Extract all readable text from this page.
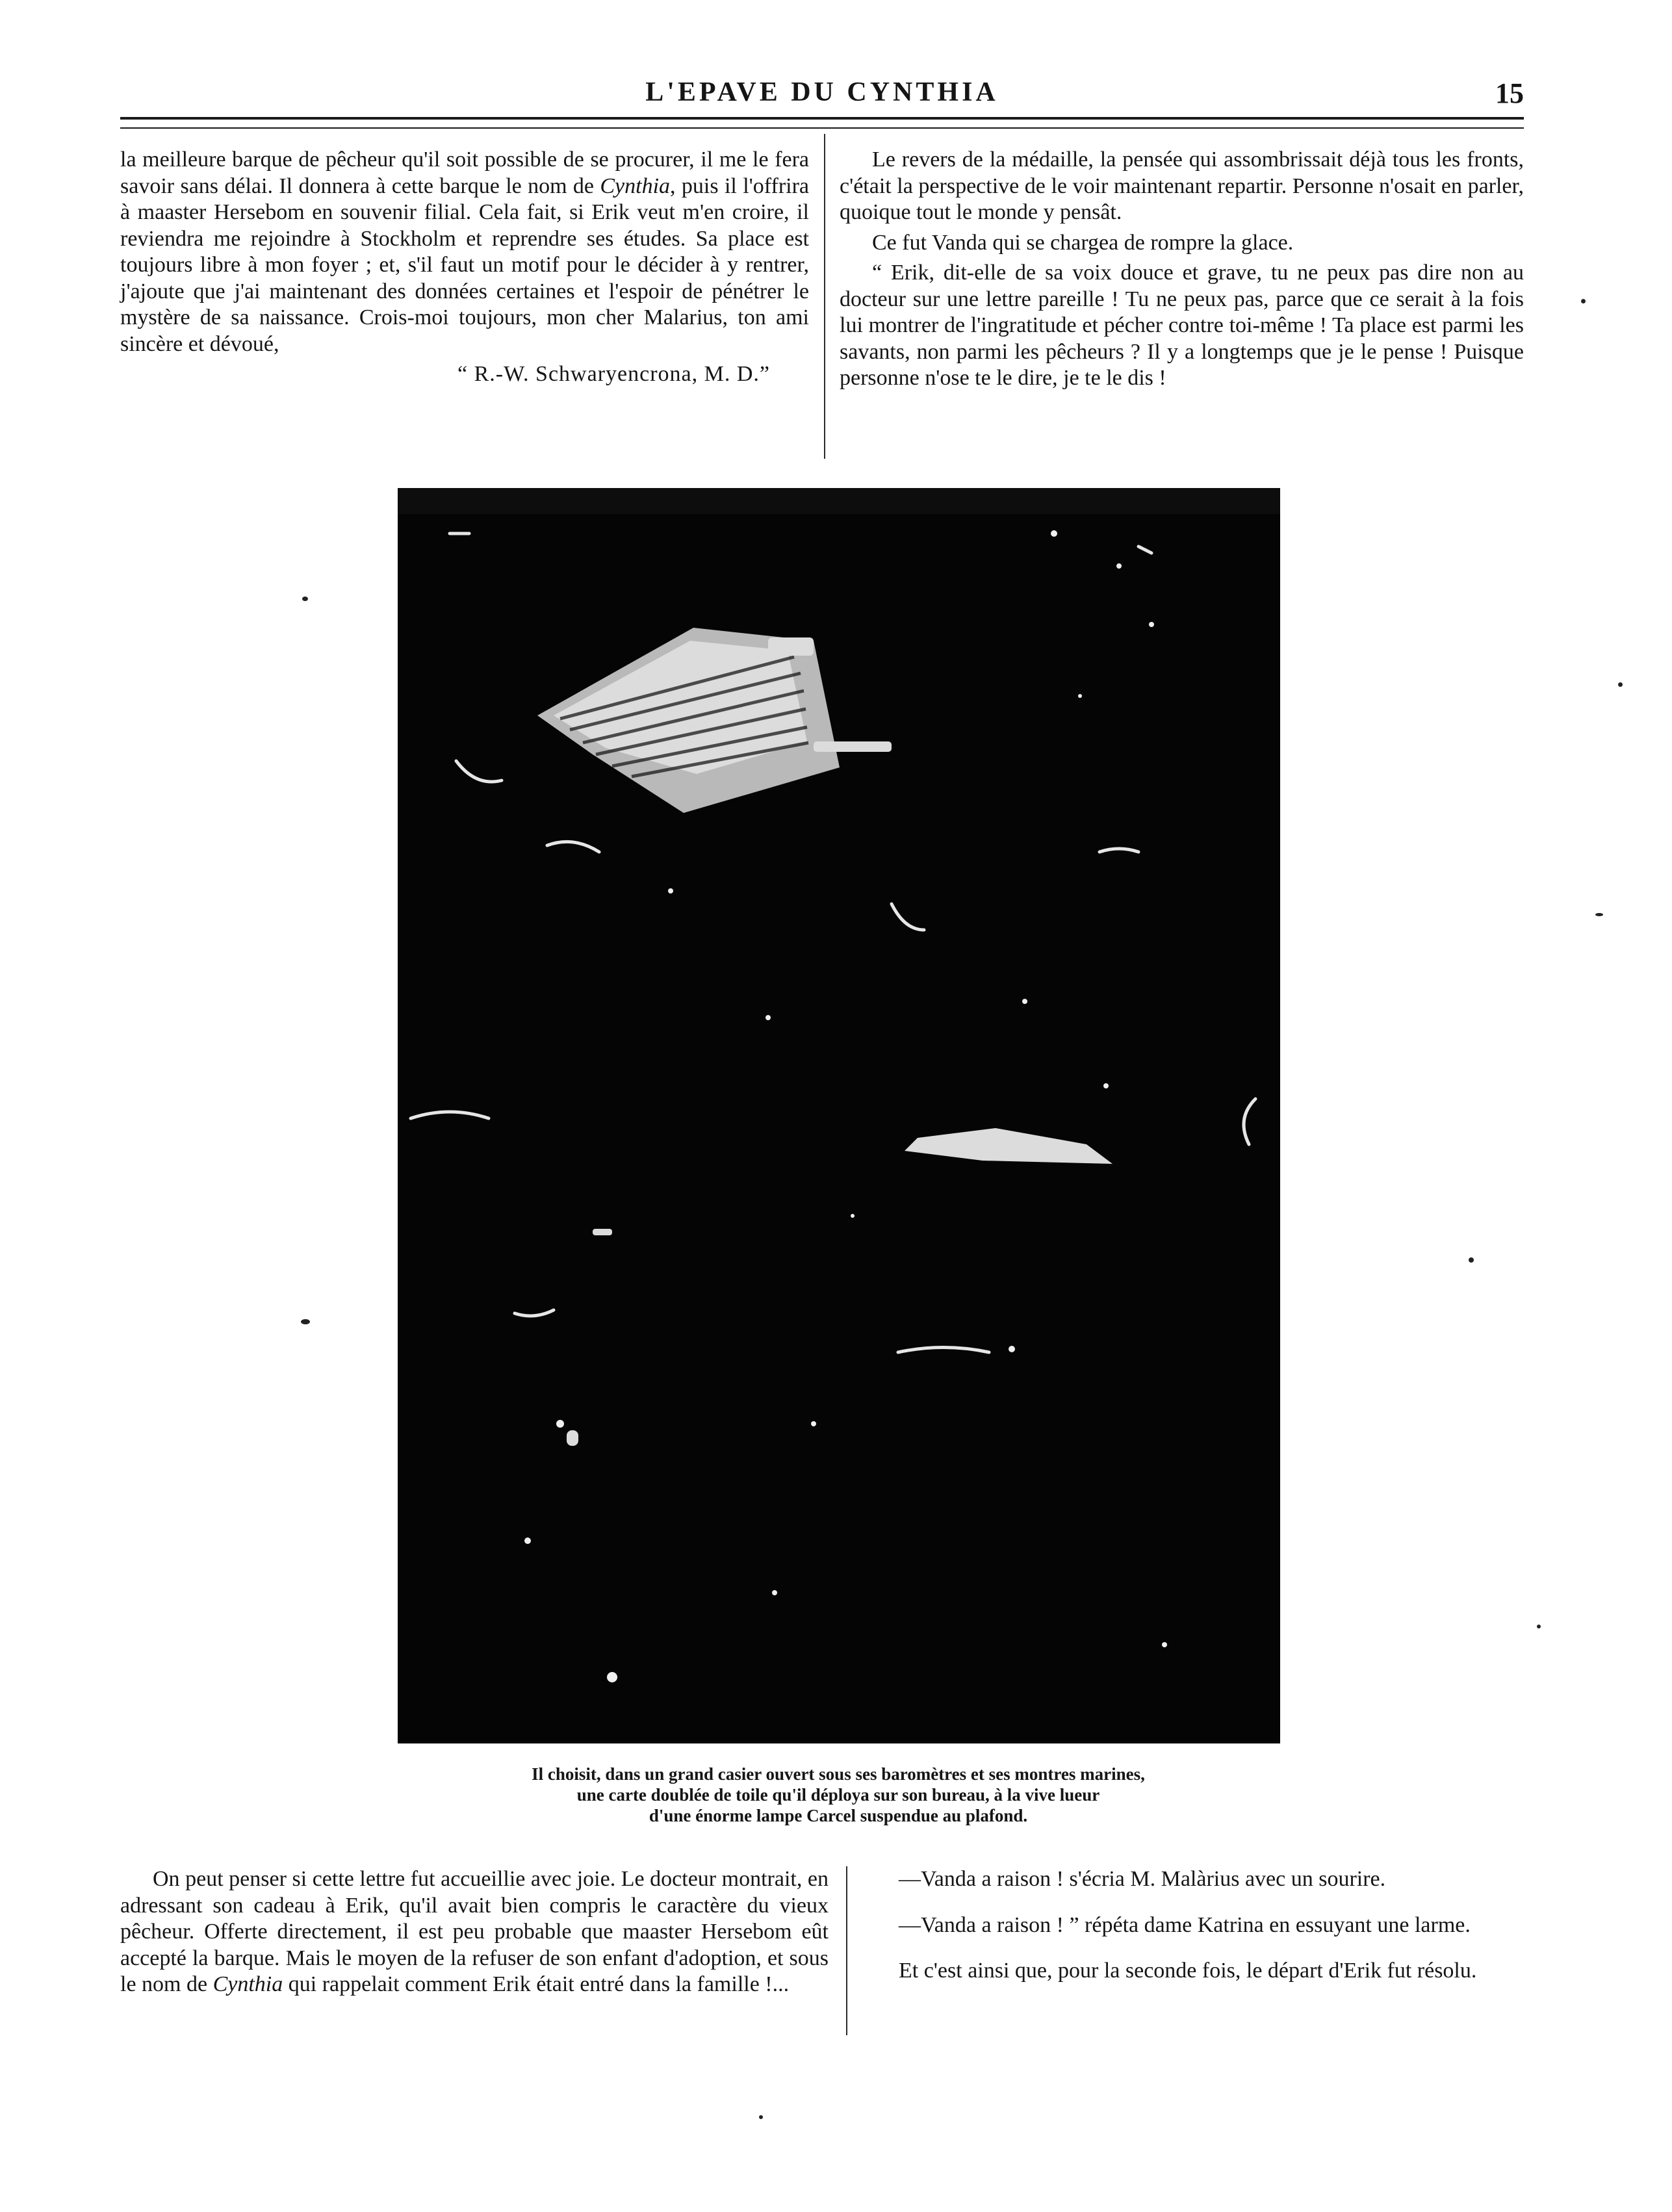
L'EPAVE DU CYNTHIA	15

la meilleure barque de pêcheur qu'il soit possible de se procurer, il me le fera savoir sans délai. Il donnera à cette barque le nom de Cynthia, puis il l'offrira à maaster Hersebom en souvenir filial. Cela fait, si Erik veut m'en croire, il reviendra me rejoindre à Stockholm et reprendre ses études. Sa place est toujours libre à mon foyer ; et, s'il faut un motif pour le décider à y rentrer, j'ajoute que j'ai maintenant des données certaines et l'espoir de pénétrer le mystère de sa naissance. Crois-moi toujours, mon cher Malarius, ton ami sincère et dévoué,

“ R.-W. Schwaryencrona, M. D.”

Le revers de la médaille, la pensée qui assombrissait déjà tous les fronts, c'était la perspective de le voir maintenant repartir. Personne n'osait en parler, quoique tout le monde y pensât.

Ce fut Vanda qui se chargea de rompre la glace.

“ Erik, dit-elle de sa voix douce et grave, tu ne peux pas dire non au docteur sur une lettre pareille ! Tu ne peux pas, parce que ce serait à la fois lui montrer de l'ingratitude et pécher contre toi-même ! Ta place est parmi les savants, non parmi les pêcheurs ? Il y a longtemps que je le pense ! Puisque personne n'ose te le dire, je te le dis !

Il choisit, dans un grand casier ouvert sous ses baromètres et ses montres marines,
une carte doublée de toile qu'il déploya sur son bureau, à la vive lueur
d'une énorme lampe Carcel suspendue au plafond.

On peut penser si cette lettre fut accueillie avec joie. Le docteur montrait, en adressant son cadeau à Erik, qu'il avait bien compris le caractère du vieux pêcheur. Offerte directement, il est peu probable que maaster Hersebom eût accepté la barque. Mais le moyen de la refuser de son enfant d'adoption, et sous le nom de Cynthia qui rappelait comment Erik était entré dans la famille !...

—Vanda a raison ! s'écria M. Malàrius avec un sourire.

—Vanda a raison ! ” répéta dame Katrina en essuyant une larme.

Et c'est ainsi que, pour la seconde fois, le départ d'Erik fut résolu.
